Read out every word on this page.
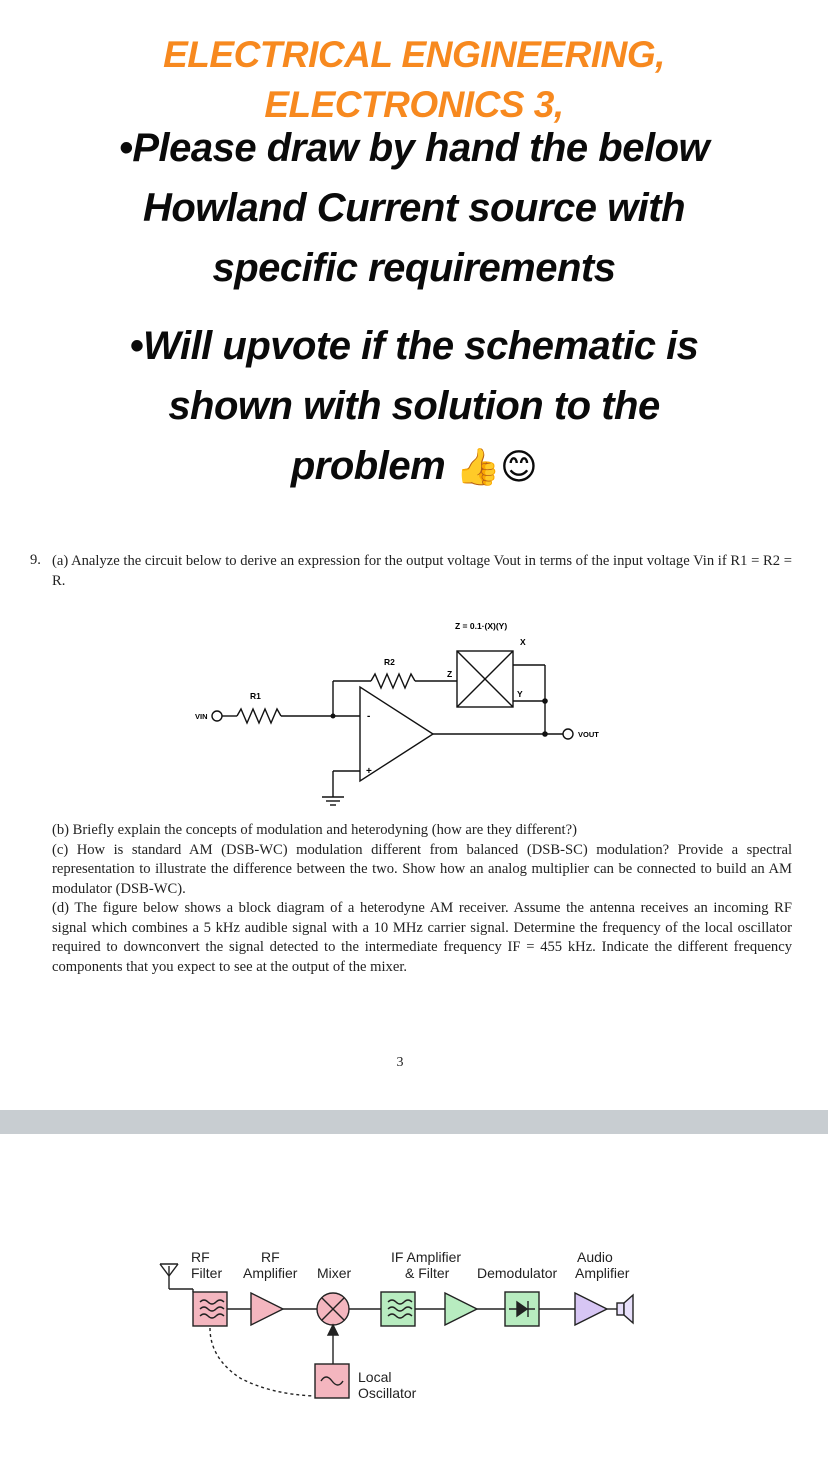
ELECTRICAL ENGINEERING,
ELECTRONICS 3,
•Please draw by hand the below
Howland Current source with
specific requirements
•Will upvote if the schematic is
shown with solution to the
problem 👍😊
9. (a) Analyze the circuit below to derive an expression for the output voltage Vout in terms of the input voltage Vin if R1 = R2 = R.

Z = 0.1·(X)(Y)
X
Y
Z
R2
R1
VIN
VOUT
-
+

(b) Briefly explain the concepts of modulation and heterodyning (how are they different?)

(c) How is standard AM (DSB-WC) modulation different from balanced (DSB-SC) modulation? Provide a spectral representation to illustrate the difference between the two. Show how an analog multiplier can be connected to build an AM modulator (DSB-WC).

(d) The figure below shows a block diagram of a heterodyne AM receiver. Assume the antenna receives an incoming RF signal which combines a 5 kHz audible signal with a 10 MHz carrier signal. Determine the frequency of the local oscillator required to downconvert the signal detected to the intermediate frequency IF = 455 kHz. Indicate the different frequency components that you expect to see at the output of the mixer.

3
RF
Filter
RF
Amplifier Mixer
IF Amplifier
& Filter Demodulator
Audio
Amplifier
Local
Oscillator
